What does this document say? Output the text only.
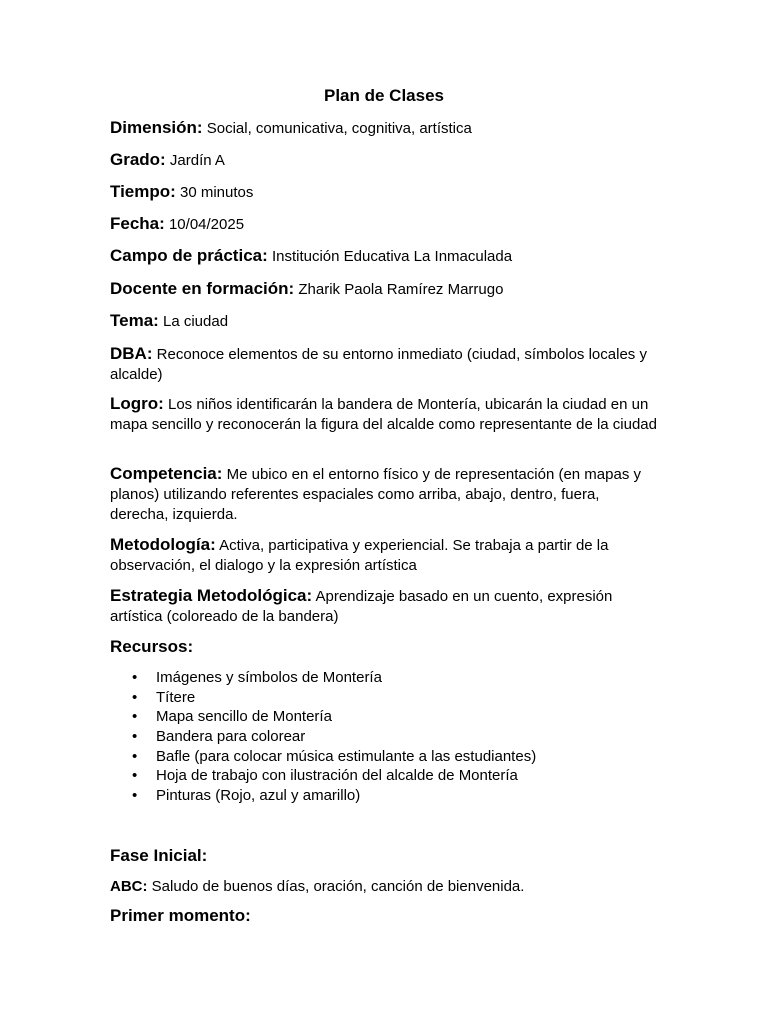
Plan de Clases
Dimensión: Social, comunicativa, cognitiva, artística
Grado: Jardín A
Tiempo: 30 minutos
Fecha: 10/04/2025
Campo de práctica: Institución Educativa La Inmaculada
Docente en formación: Zharik Paola Ramírez Marrugo
Tema: La ciudad
DBA: Reconoce elementos de su entorno inmediato (ciudad, símbolos locales y alcalde)
Logro: Los niños identificarán la bandera de Montería, ubicarán la ciudad en un mapa sencillo y reconocerán la figura del alcalde como representante de la ciudad
Competencia: Me ubico en el entorno físico y de representación (en mapas y planos) utilizando referentes espaciales como arriba, abajo, dentro, fuera, derecha, izquierda.
Metodología: Activa, participativa y experiencial. Se trabaja a partir de la observación, el dialogo y la expresión artística
Estrategia Metodológica: Aprendizaje basado en un cuento, expresión artística (coloreado de la bandera)
Recursos:
• Imágenes y símbolos de Montería
• Títere
• Mapa sencillo de Montería
• Bandera para colorear
• Bafle (para colocar música estimulante a las estudiantes)
• Hoja de trabajo con ilustración del alcalde de Montería
• Pinturas (Rojo, azul y amarillo)
Fase Inicial:
ABC: Saludo de buenos días, oración, canción de bienvenida.
Primer momento:
